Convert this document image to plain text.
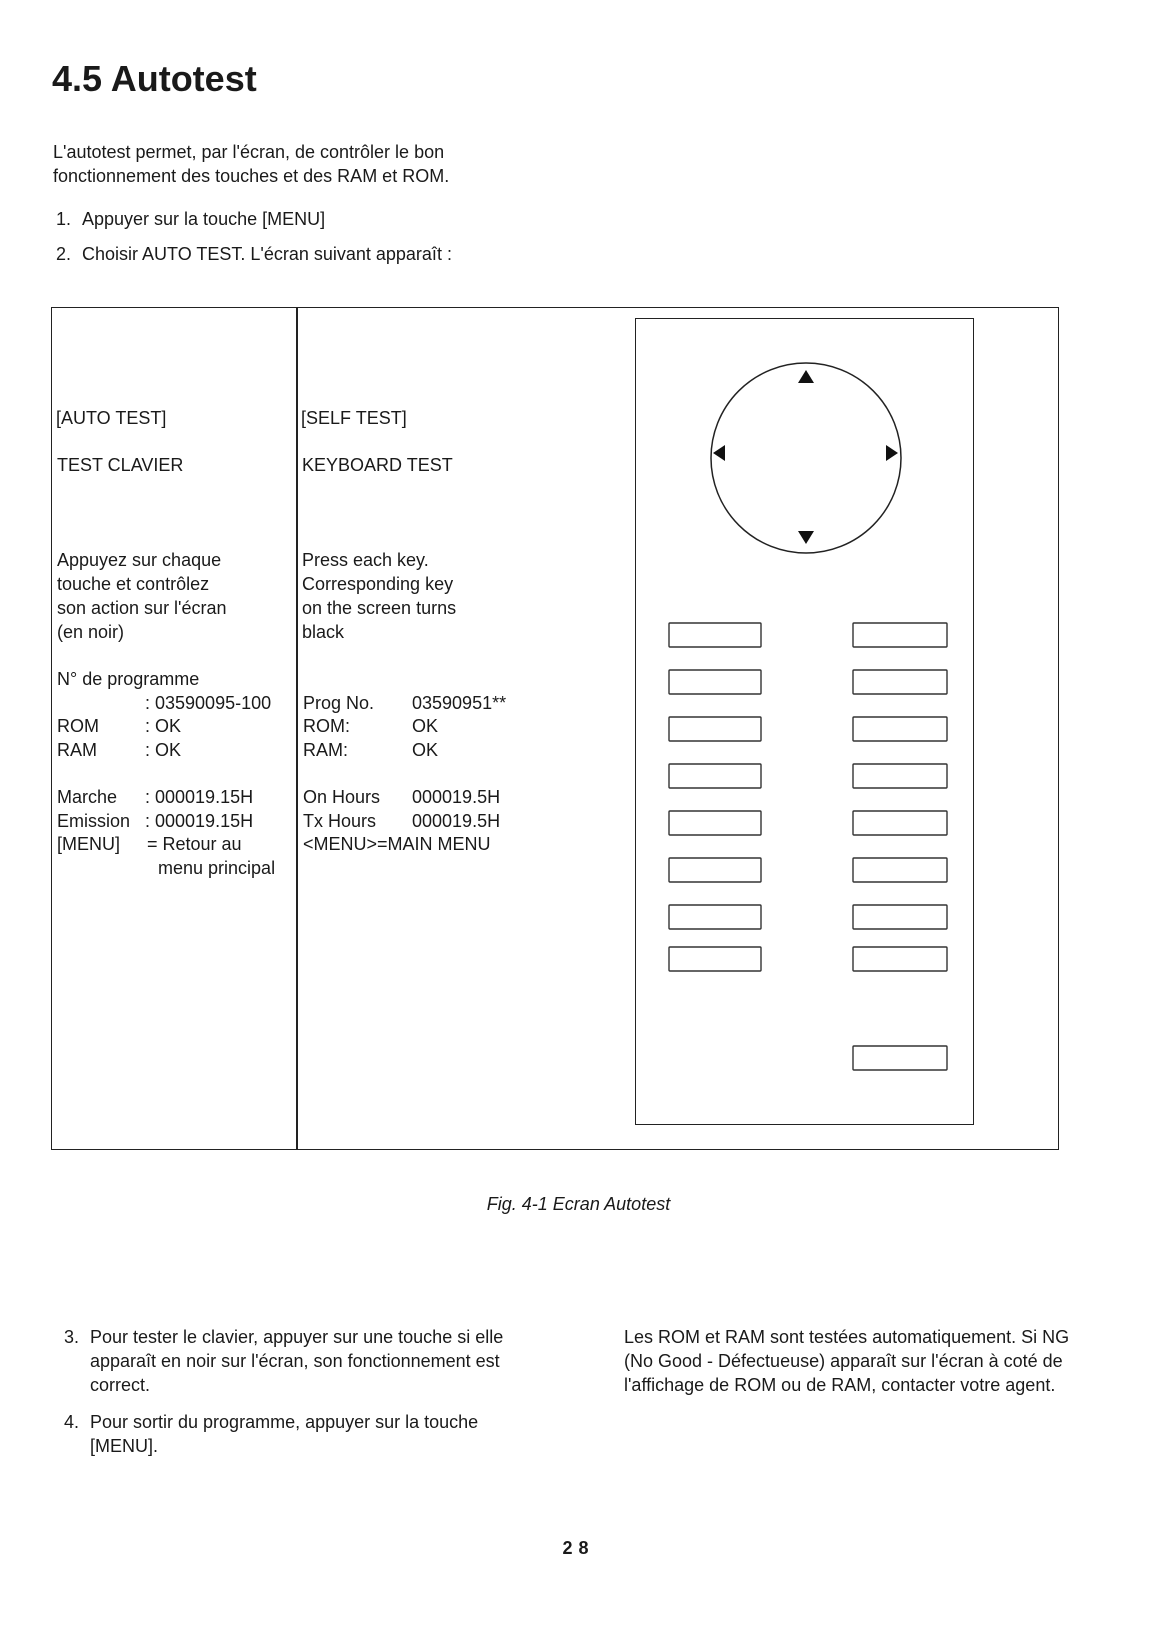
4.5 Autotest

L'autotest permet, par l'écran, de contrôler le bon fonctionnement des touches et des RAM et ROM.

1. Appuyer sur la touche [MENU]

2. Choisir AUTO TEST. L'écran suivant apparaît :

[AUTO TEST]
TEST CLAVIER
Appuyez sur chaque
touche et contrôlez
son action sur l'écran
(en noir)
N° de programme
: 03590095-100
ROM	: OK
RAM	: OK
Marche : 000019.15H
Emission : 000019.15H
[MENU] = Retour au
menu principal
[SELF TEST]
KEYBOARD TEST
Press each key.
Corresponding key
on the screen turns
black
Prog No. 03590951**
ROM:	OK
RAM:	OK
On Hours 000019.5H
Tx Hours 000019.5H
<MENU>=MAIN MENU
Fig. 4-1 Ecran Autotest
3. Pour tester le clavier, appuyer sur une touche si elle apparaît en noir sur l'écran, son fonctionnement est correct.
4. Pour sortir du programme, appuyer sur la touche [MENU].

Les ROM et RAM sont testées automatiquement. Si NG (No Good - Défectueuse) apparaît sur l'écran à coté de l'affichage de ROM ou de RAM, contacter votre agent.

28
